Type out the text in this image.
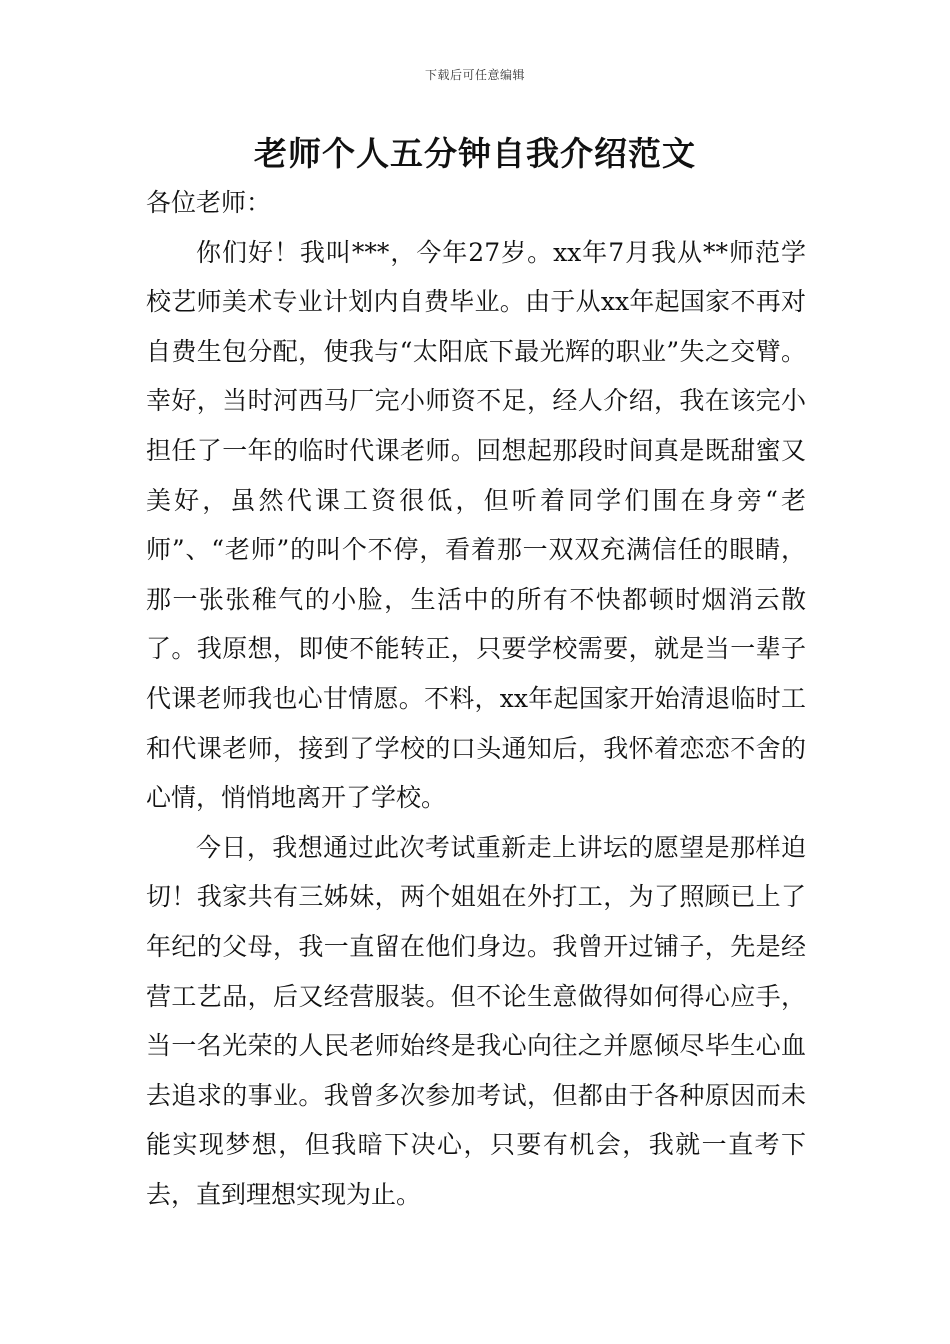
下载后可任意编辑
老师个人五分钟自我介绍范文

各位老师：

你们好！我叫***，今年27岁。xx年7月我从**师范学校艺师美术专业计划内自费毕业。由于从xx年起国家不再对自费生包分配，使我与“太阳底下最光辉的职业”失之交臂。幸好，当时河西马厂完小师资不足，经人介绍，我在该完小担任了一年的临时代课老师。回想起那段时间真是既甜蜜又美好，虽然代课工资很低，但听着同学们围在身旁“老师”、“老师”的叫个不停，看着那一双双充满信任的眼睛，那一张张稚气的小脸，生活中的所有不快都顿时烟消云散了。我原想，即使不能转正，只要学校需要，就是当一辈子代课老师我也心甘情愿。不料，xx年起国家开始清退临时工和代课老师，接到了学校的口头通知后，我怀着恋恋不舍的心情，悄悄地离开了学校。

今日，我想通过此次考试重新走上讲坛的愿望是那样迫切！我家共有三姊妹，两个姐姐在外打工，为了照顾已上了年纪的父母，我一直留在他们身边。我曾开过铺子，先是经营工艺品，后又经营服装。但不论生意做得如何得心应手，当一名光荣的人民老师始终是我心向往之并愿倾尽毕生心血去追求的事业。我曾多次参加考试，但都由于各种原因而未能实现梦想，但我暗下决心，只要有机会，我就一直考下去，直到理想实现为止。
